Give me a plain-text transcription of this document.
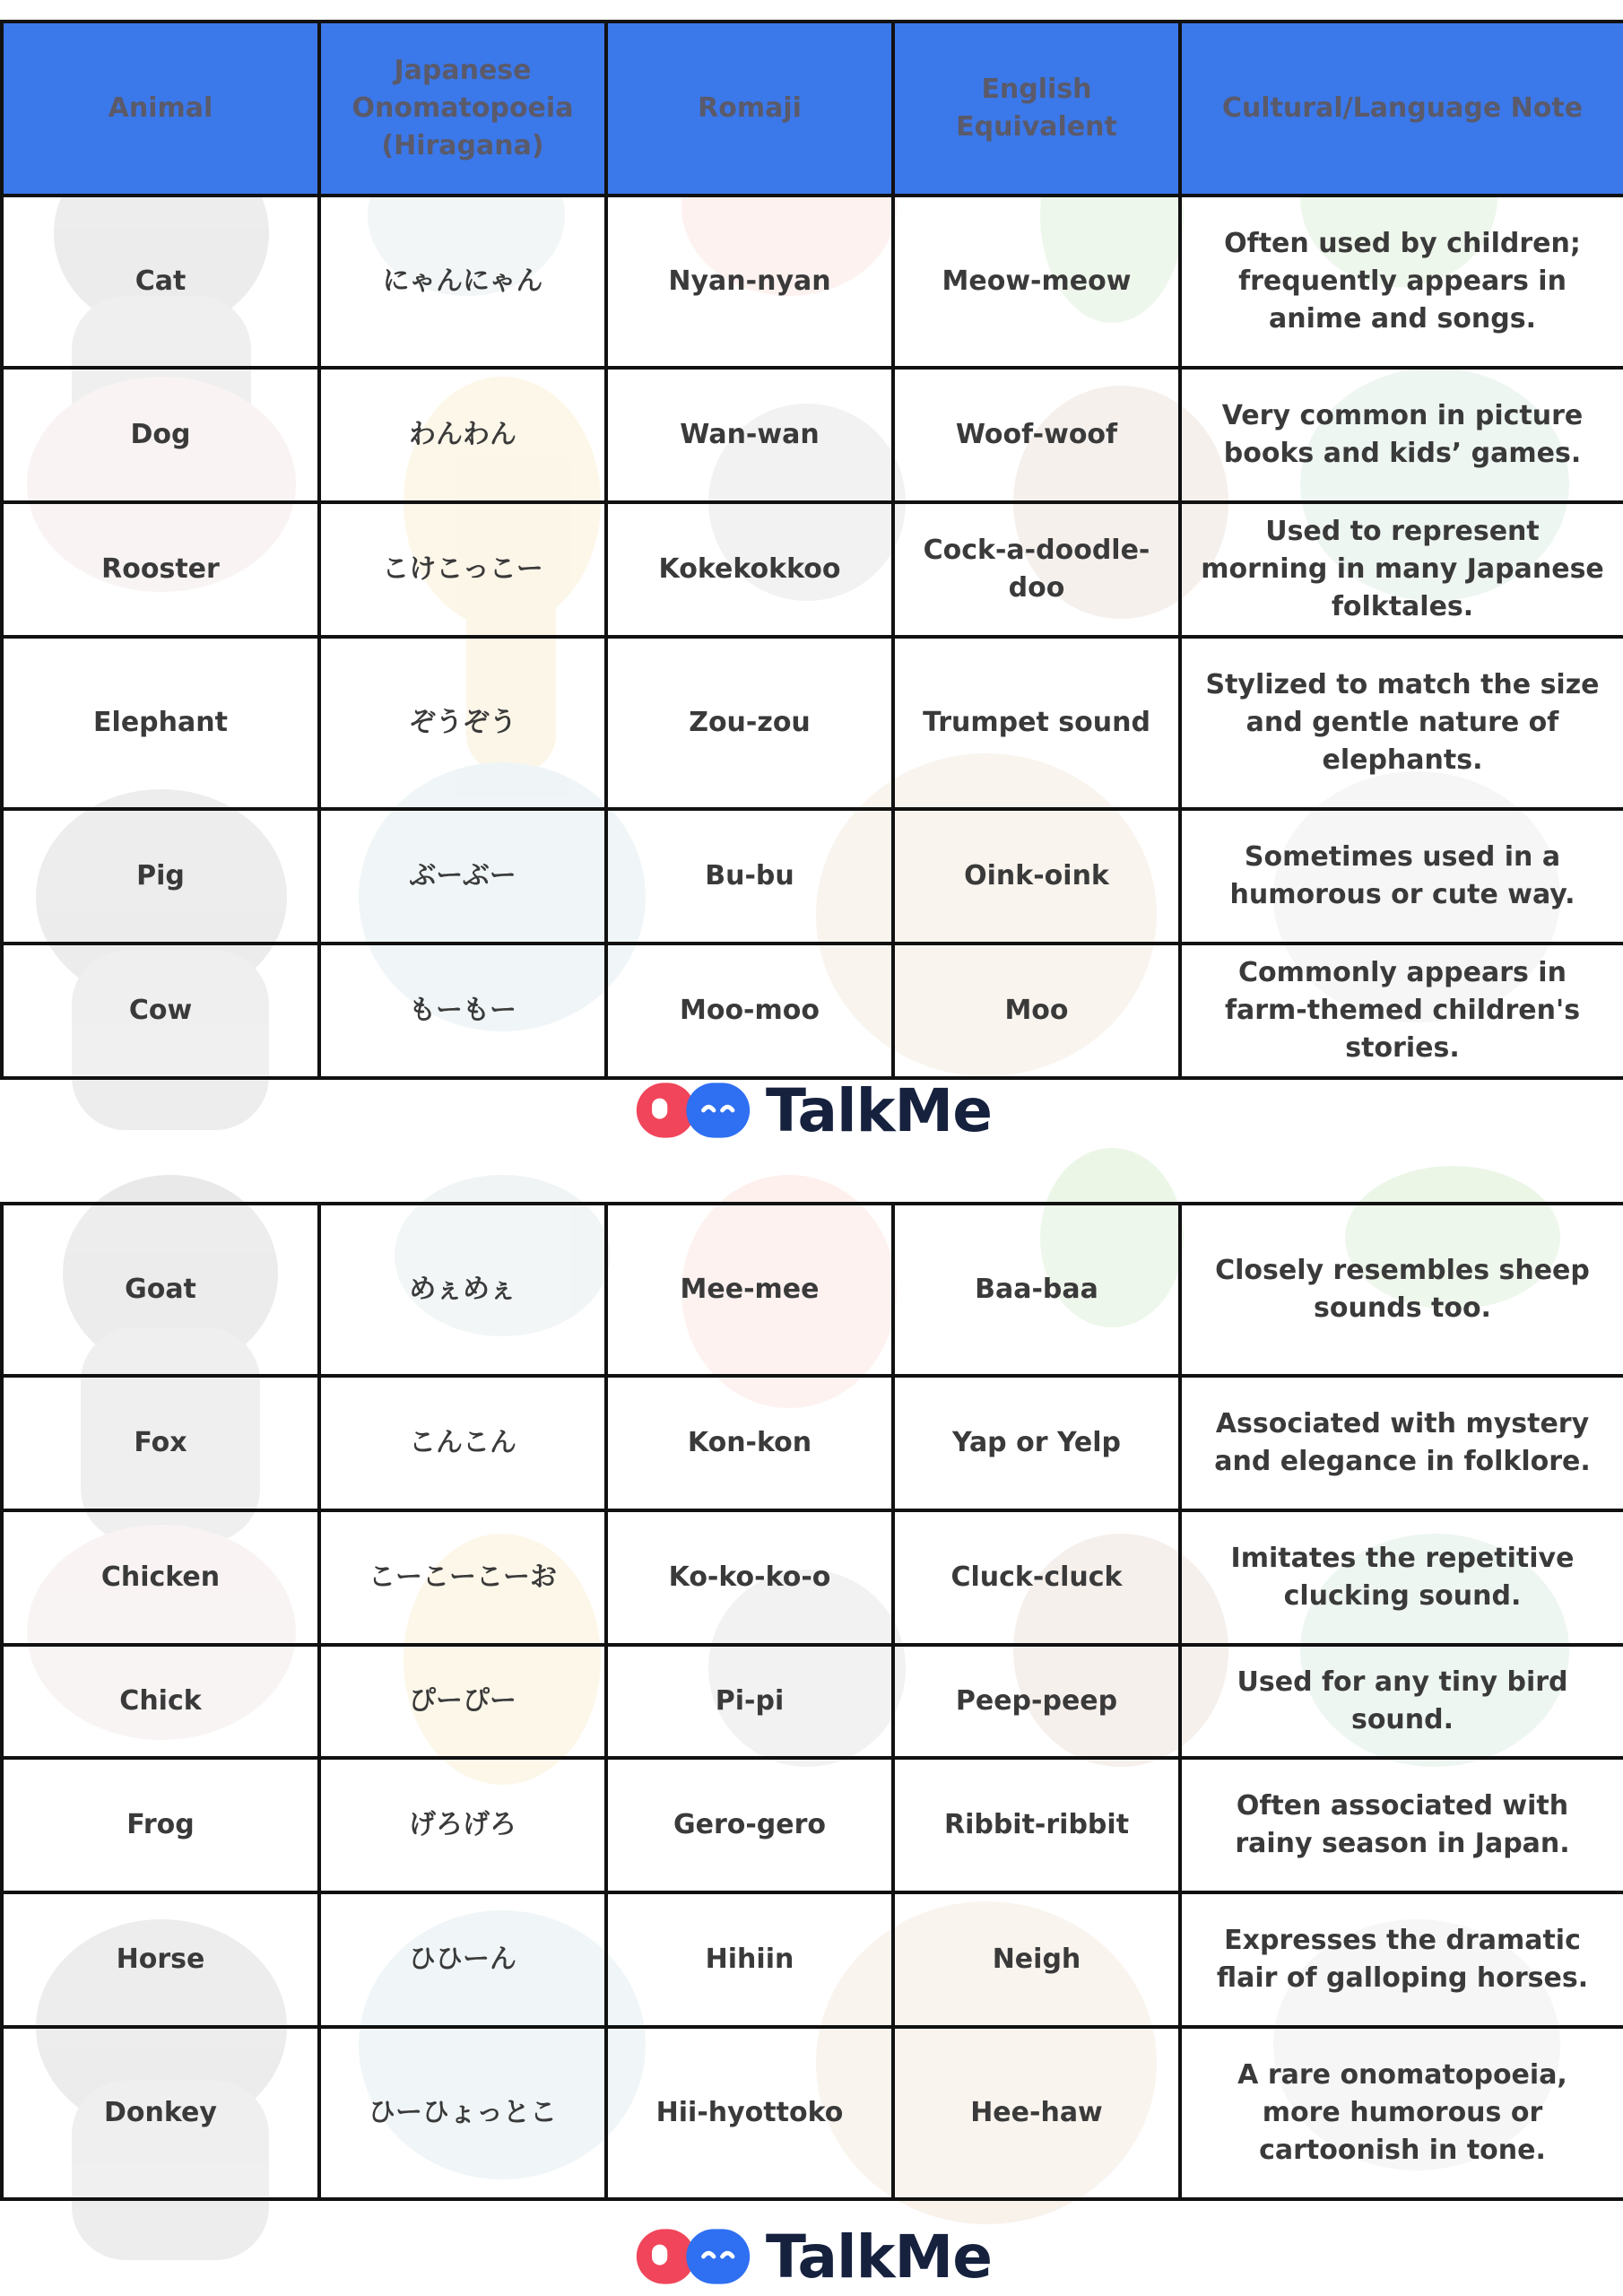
Animal	Japanese Onomatopoeia (Hiragana)	Romaji	English Equivalent	Cultural/Language Note
Cat	にゃんにゃん	Nyan-nyan	Meow-meow	Often used by children; frequently appears in anime and songs.
Dog	わんわん	Wan-wan	Woof-woof	Very common in picture books and kids’ games.
Rooster	こけこっこー	Kokekokkoo	Cock-a-doodle-doo	Used to represent morning in many Japanese folktales.
Elephant	ぞうぞう	Zou-zou	Trumpet sound	Stylized to match the size and gentle nature of elephants.
Pig	ぶーぶー	Bu-bu	Oink-oink	Sometimes used in a humorous or cute way.
Cow	もーもー	Moo-moo	Moo	Commonly appears in farm-themed children's stories.
TalkMe
Goat	めぇめぇ	Mee-mee	Baa-baa	Closely resembles sheep sounds too.
Fox	こんこん	Kon-kon	Yap or Yelp	Associated with mystery and elegance in folklore.
Chicken	こーこーこーお	Ko-ko-ko-o	Cluck-cluck	Imitates the repetitive clucking sound.
Chick	ぴーぴー	Pi-pi	Peep-peep	Used for any tiny bird sound.
Frog	げろげろ	Gero-gero	Ribbit-ribbit	Often associated with rainy season in Japan.
Horse	ひひーん	Hihiin	Neigh	Expresses the dramatic flair of galloping horses.
Donkey	ひーひょっとこ	Hii-hyottoko	Hee-haw	A rare onomatopoeia, more humorous or cartoonish in tone.
TalkMe
